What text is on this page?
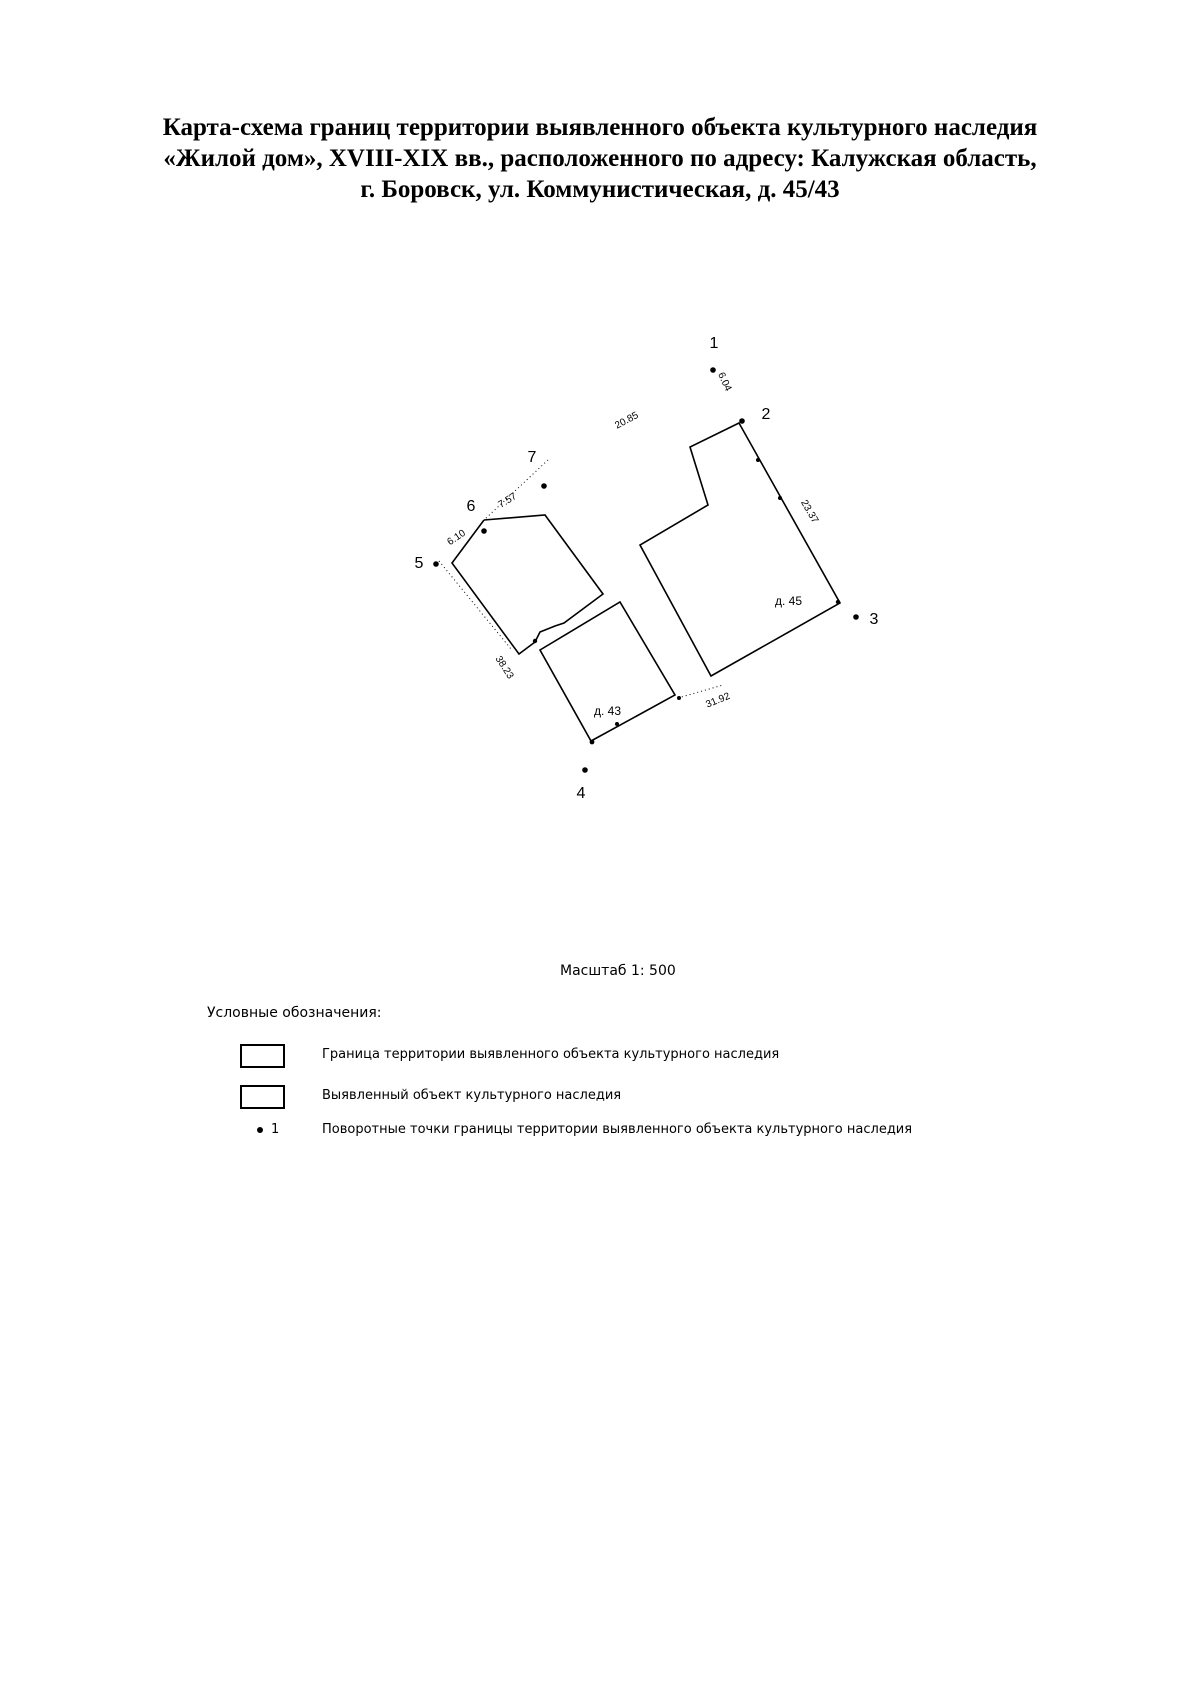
Карта-схема границ территории выявленного объекта культурного наследия
«Жилой дом», XVIII-XIX вв., расположенного по адресу: Калужская область,
г. Боровск, ул. Коммунистическая, д. 45/43
1
2
3
4
5
6
7
6.04
20.85
23.37
31.92
38.23
6.10
7.57
д. 45
д. 43
Масштаб 1: 500
Условные обозначения:
Граница территории выявленного объекта культурного наследия
Выявленный объект культурного наследия
1	Поворотные точки границы территории выявленного объекта культурного наследия
